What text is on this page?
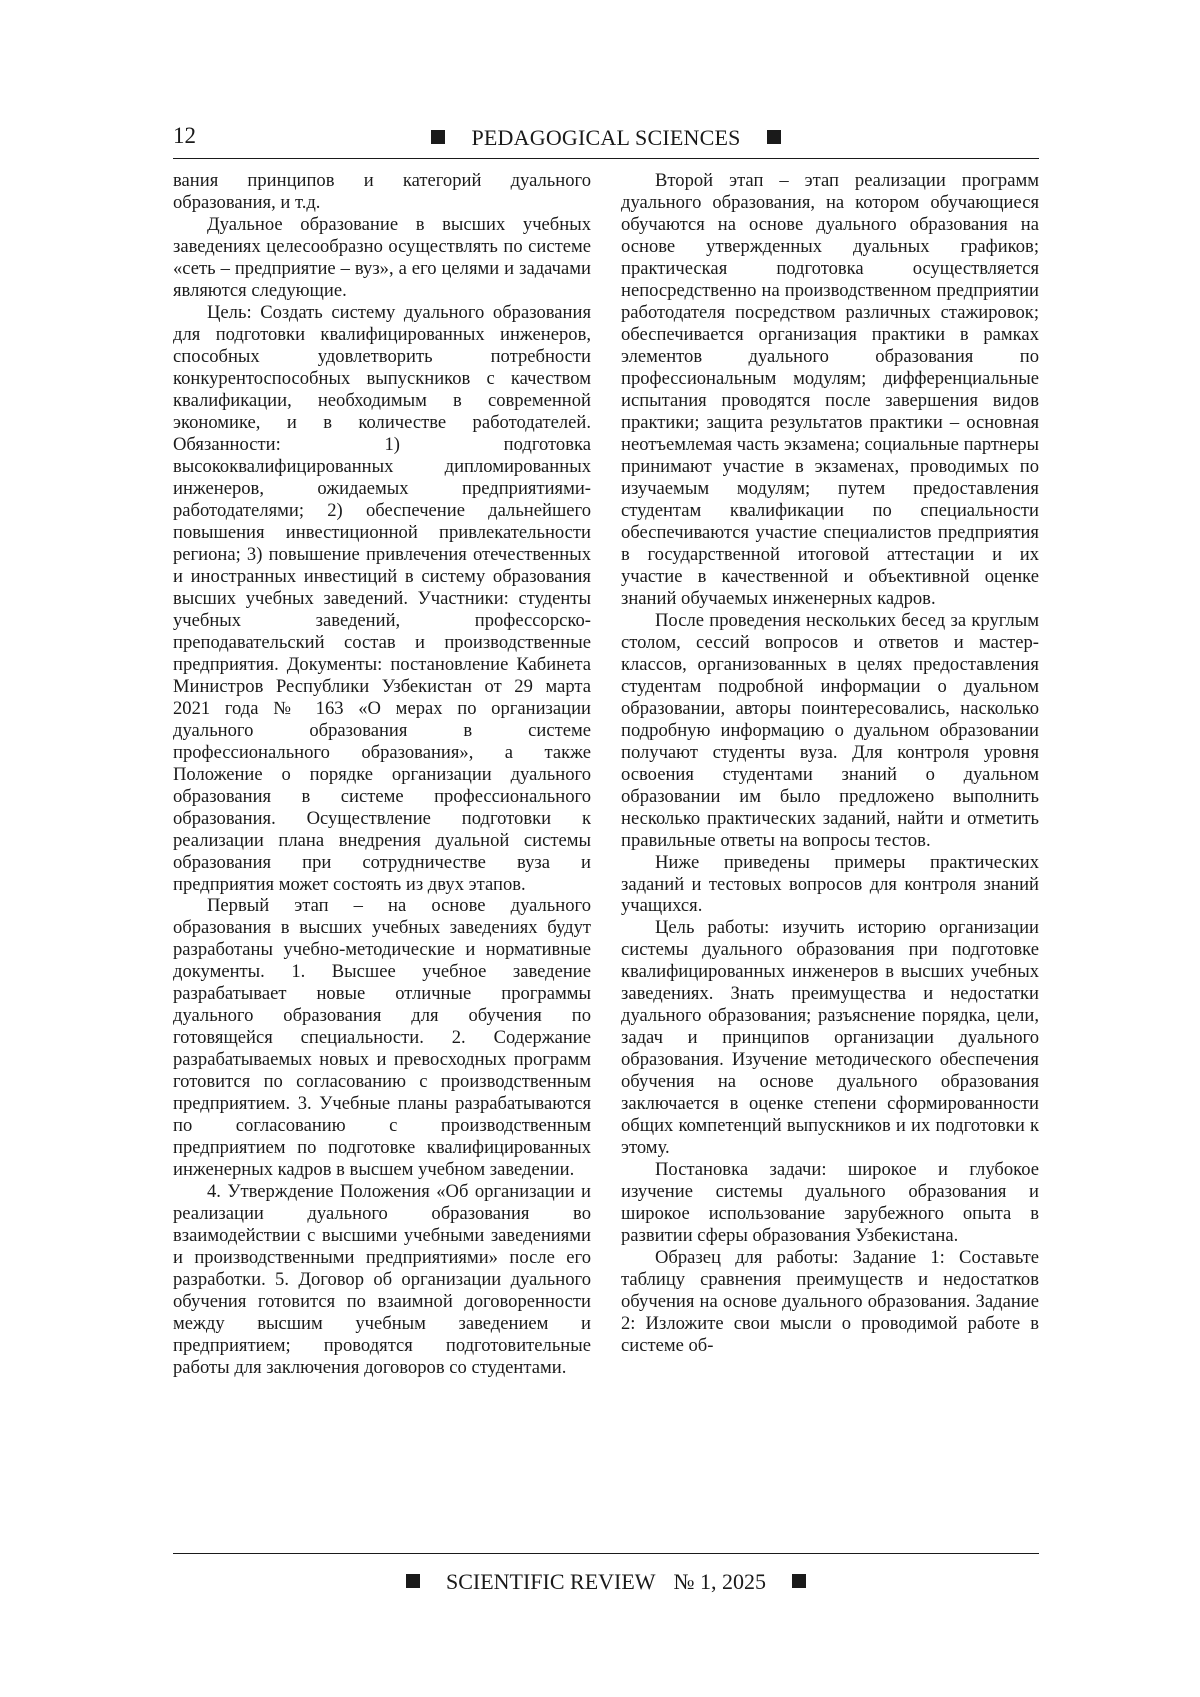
12	PEDAGOGICAL SCIENCES

вания принципов и категорий дуального образования, и т.д.

Дуальное образование в высших учебных заведениях целесообразно осуществлять по системе «сеть – предприятие – вуз», а его целями и задачами являются следующие.

Цель: Создать систему дуального образования для подготовки квалифицированных инженеров, способных удовлетворить потребности конкурентоспособных выпускников с качеством квалификации, необходимым в современной экономике, и в количестве работодателей. Обязанности: 1) подготовка высококвалифицированных дипломированных инженеров, ожидаемых предприятиями-работодателями; 2) обеспечение дальнейшего повышения инвестиционной привлекательности региона; 3) повышение привлечения отечественных и иностранных инвестиций в систему образования высших учебных заведений. Участники: студенты учебных заведений, профессорско-преподавательский состав и производственные предприятия. Документы: постановление Кабинета Министров Республики Узбекистан от 29 марта 2021 года № 163 «О мерах по организации дуального образования в системе профессионального образования», а также Положение о порядке организации дуального образования в системе профессионального образования. Осуществление подготовки к реализации плана внедрения дуальной системы образования при сотрудничестве вуза и предприятия может состоять из двух этапов.

Первый этап – на основе дуального образования в высших учебных заведениях будут разработаны учебно-методические и нормативные документы. 1. Высшее учебное заведение разрабатывает новые отличные программы дуального образования для обучения по готовящейся специальности. 2. Содержание разрабатываемых новых и превосходных программ готовится по согласованию с производственным предприятием. 3. Учебные планы разрабатываются по согласованию с производственным предприятием по подготовке квалифицированных инженерных кадров в высшем учебном заведении.

4. Утверждение Положения «Об организации и реализации дуального образования во взаимодействии с высшими учебными заведениями и производственными предприятиями» после его разработки. 5. Договор об организации дуального обучения готовится по взаимной договоренности между высшим учебным заведением и предприятием; проводятся подготовительные работы для заключения договоров со студентами.

Второй этап – этап реализации программ дуального образования, на котором обучающиеся обучаются на основе дуального образования на основе утвержденных дуальных графиков; практическая подготовка осуществляется непосредственно на производственном предприятии работодателя посредством различных стажировок; обеспечивается организация практики в рамках элементов дуального образования по профессиональным модулям; дифференциальные испытания проводятся после завершения видов практики; защита результатов практики – основная неотъемлемая часть экзамена; социальные партнеры принимают участие в экзаменах, проводимых по изучаемым модулям; путем предоставления студентам квалификации по специальности обеспечиваются участие специалистов предприятия в государственной итоговой аттестации и их участие в качественной и объективной оценке знаний обучаемых инженерных кадров.

После проведения нескольких бесед за круглым столом, сессий вопросов и ответов и мастер-классов, организованных в целях предоставления студентам подробной информации о дуальном образовании, авторы поинтересовались, насколько подробную информацию о дуальном образовании получают студенты вуза. Для контроля уровня освоения студентами знаний о дуальном образовании им было предложено выполнить несколько практических заданий, найти и отметить правильные ответы на вопросы тестов.

Ниже приведены примеры практических заданий и тестовых вопросов для контроля знаний учащихся.

Цель работы: изучить историю организации системы дуального образования при подготовке квалифицированных инженеров в высших учебных заведениях. Знать преимущества и недостатки дуального образования; разъяснение порядка, цели, задач и принципов организации дуального образования. Изучение методического обеспечения обучения на основе дуального образования заключается в оценке степени сформированности общих компетенций выпускников и их подготовки к этому.

Постановка задачи: широкое и глубокое изучение системы дуального образования и широкое использование зарубежного опыта в развитии сферы образования Узбекистана.

Образец для работы: Задание 1: Составьте таблицу сравнения преимуществ и недостатков обучения на основе дуального образования. Задание 2: Изложите свои мысли о проводимой работе в системе об-

SCIENTIFIC REVIEW № 1, 2025
